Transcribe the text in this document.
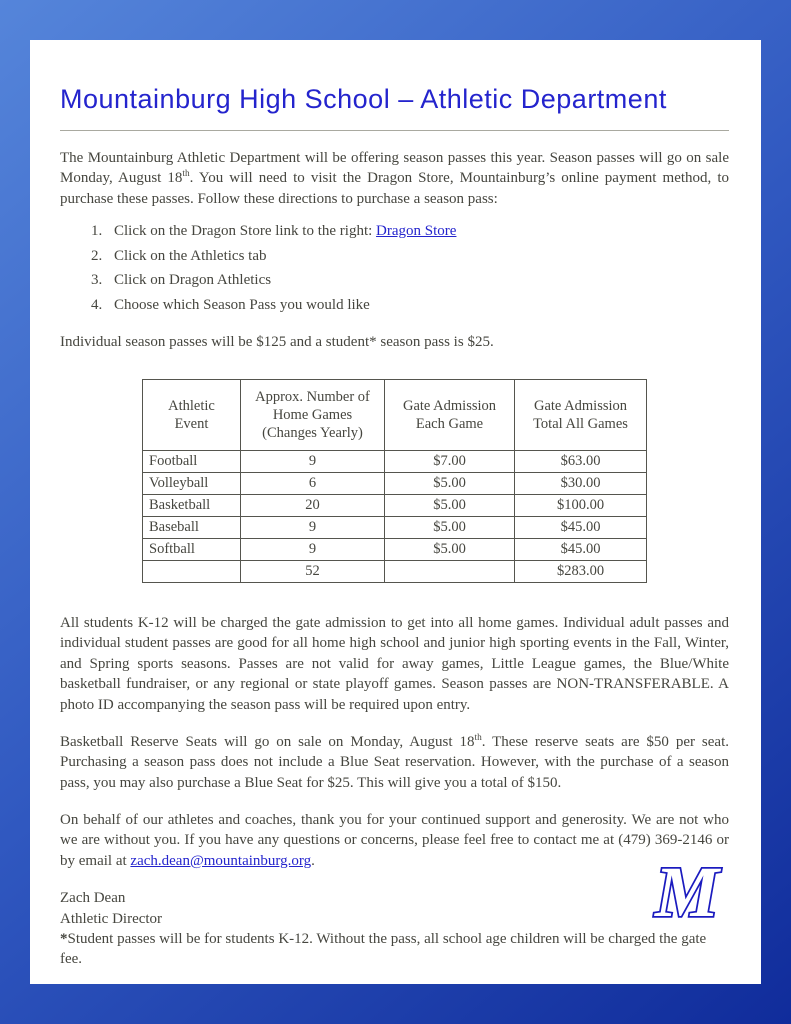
Mountainburg High School – Athletic Department

The Mountainburg Athletic Department will be offering season passes this year. Season passes will go on sale Monday, August 18th. You will need to visit the Dragon Store, Mountainburg’s online payment method, to purchase these passes. Follow these directions to purchase a season pass:

1. Click on the Dragon Store link to the right: Dragon Store
2. Click on the Athletics tab
3. Click on Dragon Athletics
4. Choose which Season Pass you would like

Individual season passes will be $125 and a student* season pass is $25.

Athletic Event	Approx. Number of Home Games (Changes Yearly)	Gate Admission Each Game	Gate Admission Total All Games
Football	9	$7.00	$63.00
Volleyball	6	$5.00	$30.00
Basketball	20	$5.00	$100.00
Baseball	9	$5.00	$45.00
Softball	9	$5.00	$45.00
	52		$283.00

All students K-12 will be charged the gate admission to get into all home games. Individual adult passes and individual student passes are good for all home high school and junior high sporting events in the Fall, Winter, and Spring sports seasons. Passes are not valid for away games, Little League games, the Blue/White basketball fundraiser, or any regional or state playoff games. Season passes are NON-TRANSFERABLE. A photo ID accompanying the season pass will be required upon entry.

Basketball Reserve Seats will go on sale on Monday, August 18th. These reserve seats are $50 per seat. Purchasing a season pass does not include a Blue Seat reservation. However, with the purchase of a season pass, you may also purchase a Blue Seat for $25. This will give you a total of $150.

On behalf of our athletes and coaches, thank you for your continued support and generosity. We are not who we are without you. If you have any questions or concerns, please feel free to contact me at (479) 369-2146 or by email at zach.dean@mountainburg.org.

Zach Dean
Athletic Director
*Student passes will be for students K-12. Without the pass, all school age children will be charged the gate fee.
M
